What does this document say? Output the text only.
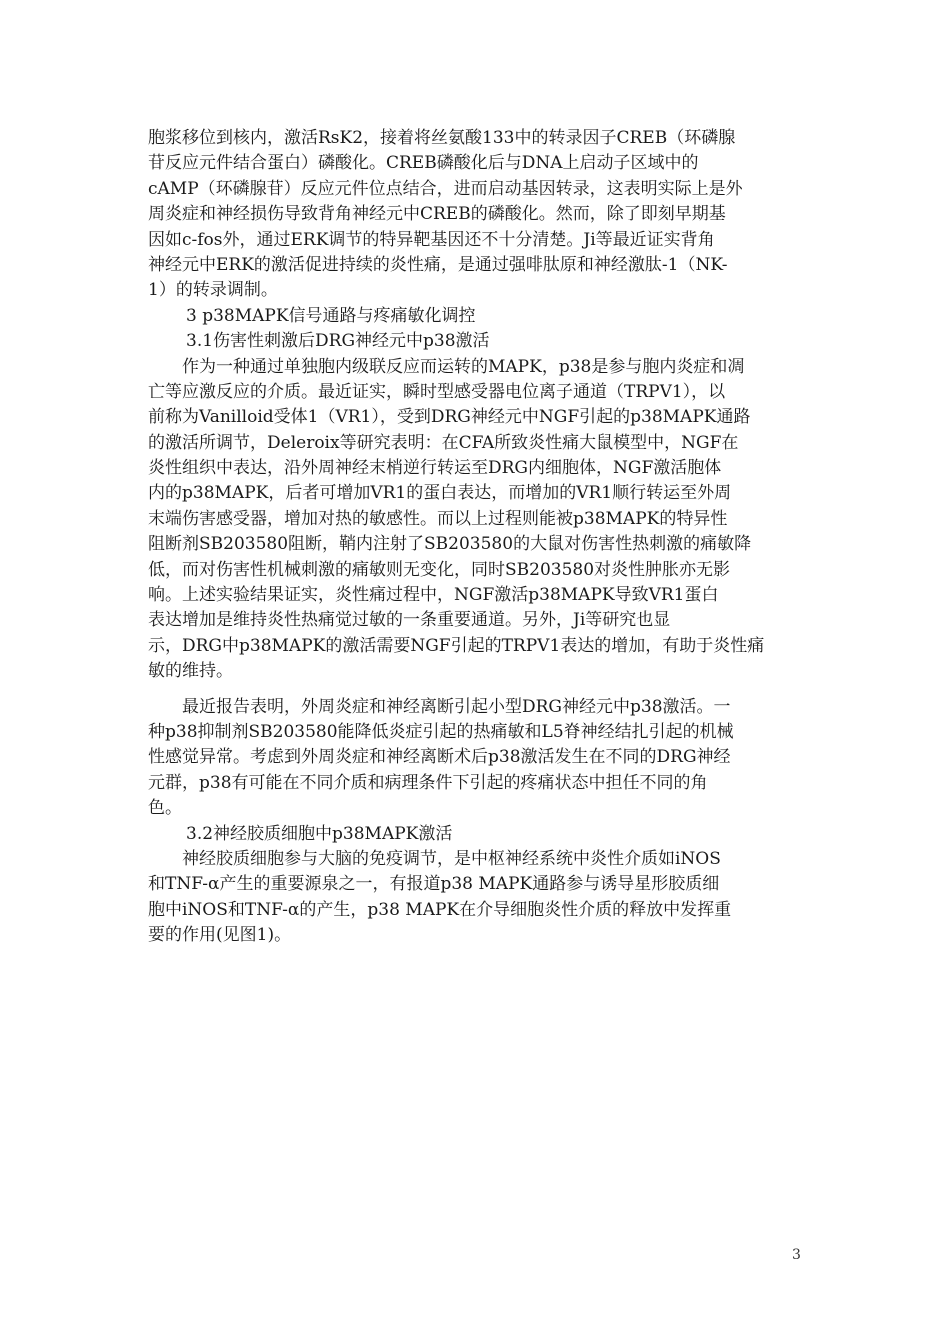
胞浆移位到核内，激活RsK2，接着将丝氨酸133中的转录因子CREB（环磷腺
苷反应元件结合蛋白）磷酸化。CREB磷酸化后与DNA上启动子区域中的
cAMP（环磷腺苷）反应元件位点结合，进而启动基因转录，这表明实际上是外
周炎症和神经损伤导致背角神经元中CREB的磷酸化。然而，除了即刻早期基
因如c-fos外，通过ERK调节的特异靶基因还不十分清楚。Ji等最近证实背角
神经元中ERK的激活促进持续的炎性痛，是通过强啡肽原和神经激肽-1（NK-
1）的转录调制。
3 p38MAPK信号通路与疼痛敏化调控
3.1伤害性刺激后DRG神经元中p38激活
作为一种通过单独胞内级联反应而运转的MAPK，p38是参与胞内炎症和凋
亡等应激反应的介质。最近证实，瞬时型感受器电位离子通道（TRPV1），以
前称为Vanilloid受体1（VR1），受到DRG神经元中NGF引起的p38MAPK通路
的激活所调节，Deleroix等研究表明：在CFA所致炎性痛大鼠模型中，NGF在
炎性组织中表达，沿外周神经末梢逆行转运至DRG内细胞体，NGF激活胞体
内的p38MAPK，后者可增加VR1的蛋白表达，而增加的VR1顺行转运至外周
末端伤害感受器，增加对热的敏感性。而以上过程则能被p38MAPK的特异性
阻断剂SB203580阻断，鞘内注射了SB203580的大鼠对伤害性热刺激的痛敏降
低，而对伤害性机械刺激的痛敏则无变化，同时SB203580对炎性肿胀亦无影
响。上述实验结果证实，炎性痛过程中，NGF激活p38MAPK导致VR1蛋白
表达增加是维持炎性热痛觉过敏的一条重要通道。另外，Ji等研究也显
示，DRG中p38MAPK的激活需要NGF引起的TRPV1表达的增加，有助于炎性痛
敏的维持。
最近报告表明，外周炎症和神经离断引起小型DRG神经元中p38激活。一
种p38抑制剂SB203580能降低炎症引起的热痛敏和L5脊神经结扎引起的机械
性感觉异常。考虑到外周炎症和神经离断术后p38激活发生在不同的DRG神经
元群，p38有可能在不同介质和病理条件下引起的疼痛状态中担任不同的角
色。
3.2神经胶质细胞中p38MAPK激活
神经胶质细胞参与大脑的免疫调节，是中枢神经系统中炎性介质如iNOS
和TNF-α产生的重要源泉之一，有报道p38 MAPK通路参与诱导星形胶质细
胞中iNOS和TNF-α的产生，p38 MAPK在介导细胞炎性介质的释放中发挥重
要的作用(见图1)。
3
